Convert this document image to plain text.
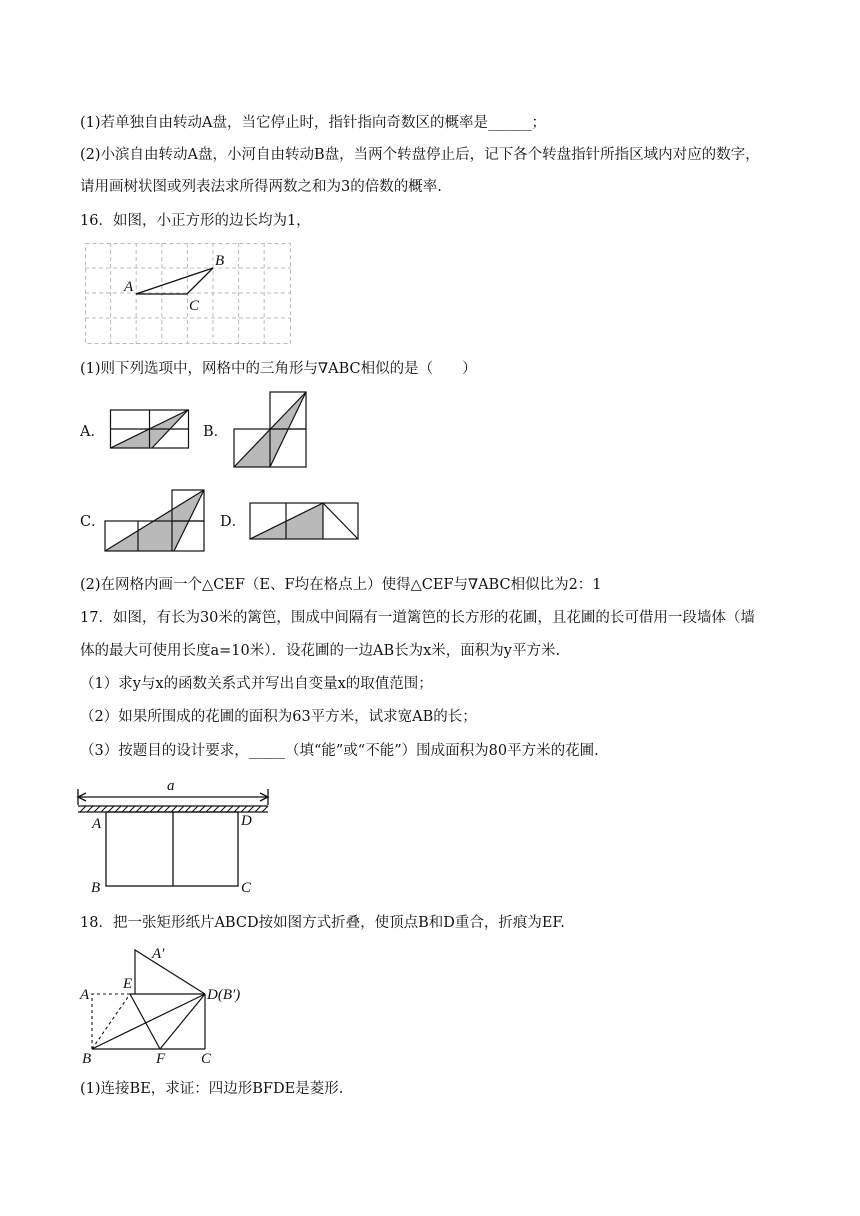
(1)若单独自由转动A盘，当它停止时，指针指向奇数区的概率是______；
(2)小滨自由转动A盘，小河自由转动B盘，当两个转盘停止后，记下各个转盘指针所指区域内对应的数字，
请用画树状图或列表法求所得两数之和为3的倍数的概率.
16．如图，小正方形的边长均为1，
A
B
C
(1)则下列选项中，网格中的三角形与∇ABC相似的是（　　）
A．	B．
C．	D．
(2)在网格内画一个△CEF（E、F均在格点上）使得△CEF与∇ABC相似比为2：1
17．如图，有长为30米的篱笆，围成中间隔有一道篱笆的长方形的花圃，且花圃的长可借用一段墙体（墙
体的最大可使用长度a=10米）．设花圃的一边AB长为x米，面积为y平方米.
（1）求y与x的函数关系式并写出自变量x的取值范围；
（2）如果所围成的花圃的面积为63平方米，试求宽AB的长；
（3）按题目的设计要求，_____（填“能”或“不能”）围成面积为80平方米的花圃.
a
A	D
B	C
18．把一张矩形纸片ABCD按如图方式折叠，使顶点B和D重合，折痕为EF.
A′
A
E
D(B′)
B	F C
(1)连接BE，求证：四边形BFDE是菱形.
